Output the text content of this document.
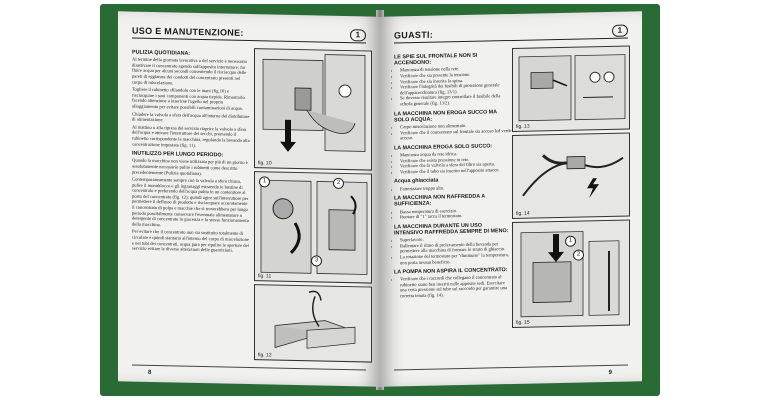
USO E MANUTENZIONE:	1
PULIZIA QUOTIDIANA:

Al termine della giornata lavorativa o del servizio è necessario disattivare il concentrato agendo sull'apposito interruttore; far fluire acqua per alcuni secondi consentendo il risciacquo delle pareti di eggiatura dei condotti del concentrato presenti nel corpo di miscelazione.

Togliere il rubinetto sfilandolo con le mani (fig.10) e risciacquare i suoi componenti con acqua tiepida. Rimontarlo facendo attenzione a inserirne l'ugello nel proprio alloggiamento per evitare possibili contaminazioni di acqua.

Chiudere la valvola a sfera dell'acqua all'interno del distributore di alimentazione.

Al mattino o alla ripresa del servizio riaprire la valvola a sfera dell'acqua e attivare l'interruttore del secchi, premendo il rubinetto corrispondente la macchina, regolando la bevanda alla concentrazione impostata (fig. 11).

INUTILIZZO PER LUNGO PERIODO:

Quando la macchina non viene utilizzata per più di un giorno è assolutamente necessario pulire i rubinetti come descritto precedentemente (Pulizia quotidiana).

Contemporaneamente sempre con la valvola a sfera chiusa, pulire il monoblocco e gli ingranaggi estraendo le bustine di concentrato e preferendo dell'acqua pulita in un contenitore al posto del concentrato (fig. 12); quindi agire sull'interruttore per permettere il deflusso di prodotto e risciacquare accuratamente il concentrato di polpa e macchie che si troverebbero per lungo periodo possibilmente conservare l'eventuale alimentatore o detergente di concentrato in giacenza e lo stesso funzionamento della macchina.

Per evitare che il concentrato non sia sostituito totalmente di circolare e quindi stantario all'interno del corpo di miscelazione e nei tubi dei concentrati, acqua pura per ripulire le aperture del servizio evitare le diverse alterazioni delle guarnizioni.

fig. 10
1	2
3
fig. 11
fig. 12
8
GUASTI:	1
LE SPIE SUL FRONTALE NON SI ACCENDONO:
• Mancanza di tensione nella rete.
• Verificare che sia presente la tensione.
• Verificare che sia inserita la spina.
• Verificare l'integrità dei fusibili di protezione generale dell'apparecchiatura (fig. 13/1).
• Se dovesse risultare integro controllare il fusibile della scheda generale (fig. 13/2).
LA MACCHINA NON EROGA SUCCO MA SOLO ACQUA:
• Corpo miscelazione non alimentato.
• Verificare che il concentrato sul frontale sia acceso led verde acceso.
LA MACCHINA EROGA SOLO SUCCO:
• Mancanza acqua da rete idrica.
• Verificare che esista pressione in rete.
• Verificare che la valvola a sfera del filtro sia aperta.
• Verificare che il tubo sia inserito nell'apposito attacco.
Acqua ghiacciata
• Fattorizzare troppo alto.
LA MACCHINA NON RAFFREDDA A SUFFICIENZA:
• Bassa temperatura di esercizio.
• Ruotare di "1" tacca il termostato.
LA MACCHINA DURANTE UN USO INTENSIVO RAFFREDDA SEMPRE DI MENO:
• Superlavoro.
• Rallentare il ritmo di prelevamento della bevanda per permettere alla macchina di formare lo strato di ghiaccio.
• La rotazione del termostato per "diminuire" la temperatura, non porta nessun beneficio.
LA POMPA NON ASPIRA IL CONCENTRATO:
• Verificare che i raccordi che collegano il concentrato al rubinetto siano ben inseriti nelle apposite sedi. Esercitare una certa pressione sul tubo sul raccordo per garantire una corretta tenuta (fig. 14).
fig. 13
fig. 14
1
2
fig. 15
9
